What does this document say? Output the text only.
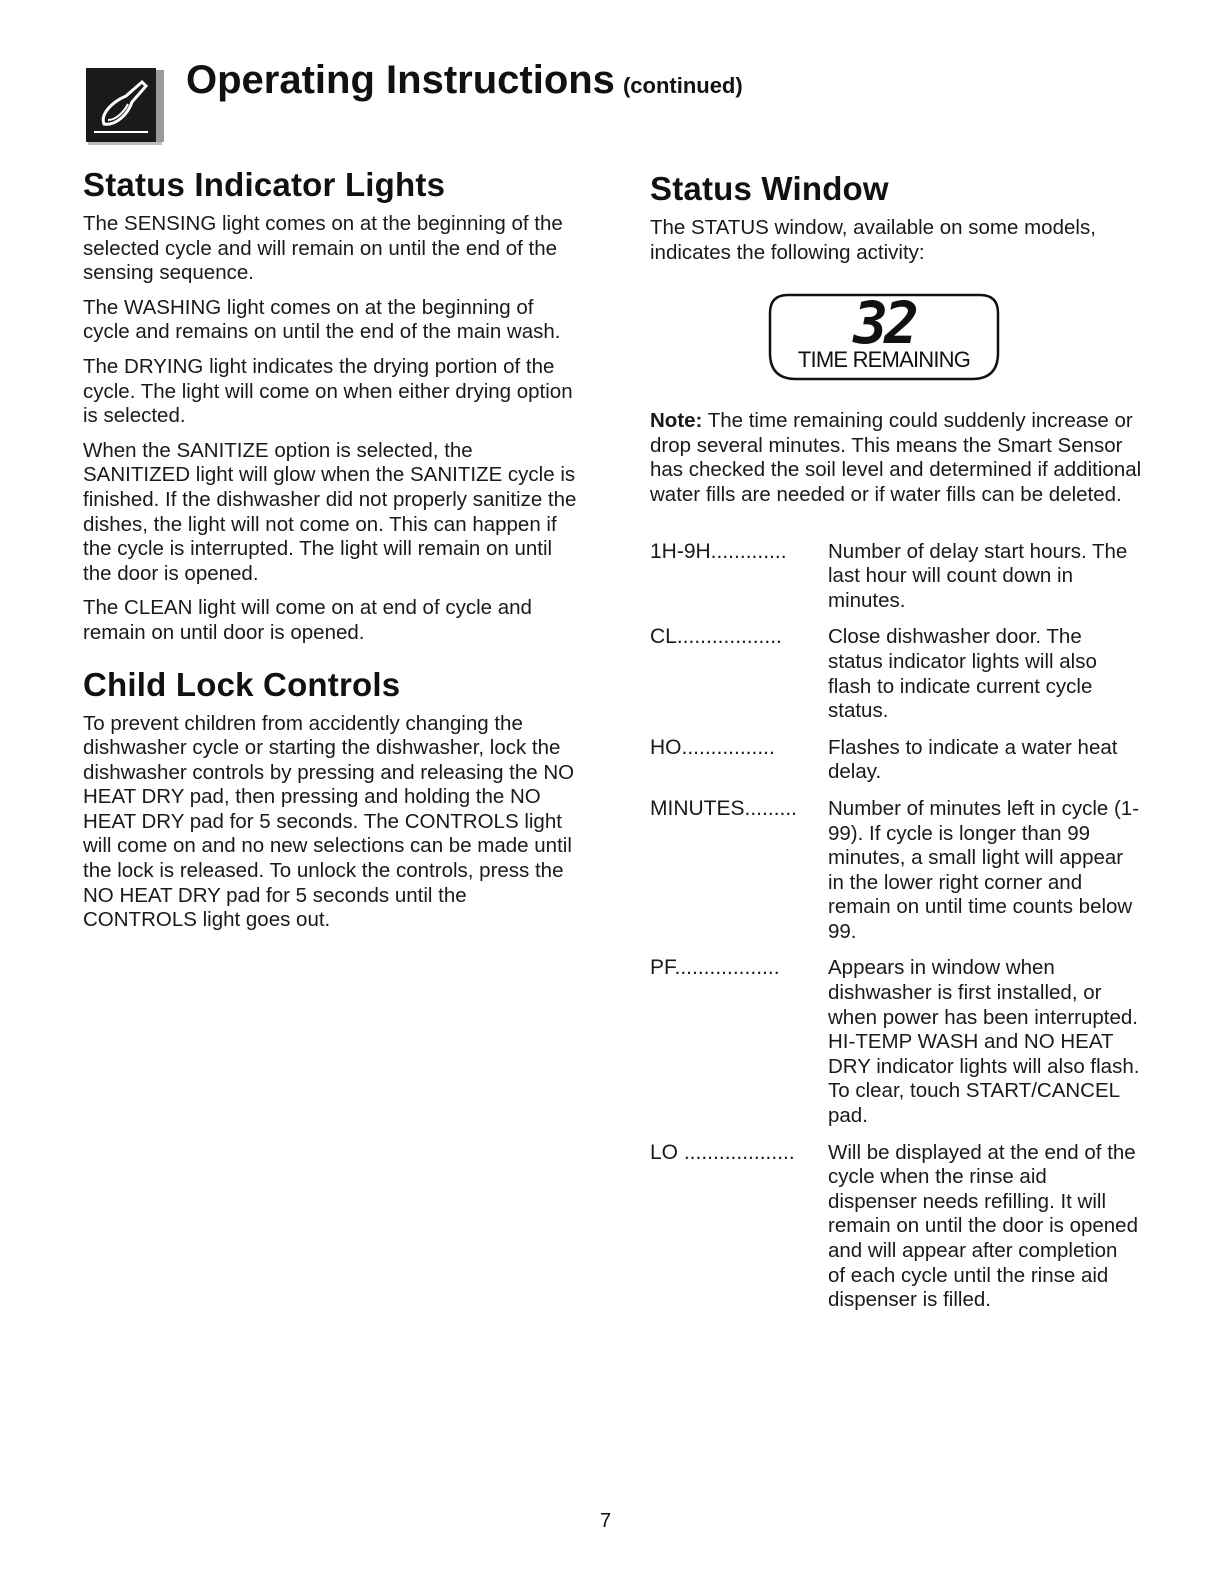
Operating Instructions (continued)
Status Indicator Lights

The SENSING light comes on at the beginning of the selected cycle and will remain on until the end of the sensing sequence.

The WASHING light comes on at the beginning of cycle and remains on until the end of the main wash.

The DRYING light indicates the drying portion of the cycle. The light will come on when either drying option is selected.

When the SANITIZE option is selected, the SANITIZED light will glow when the SANITIZE cycle is finished. If the dishwasher did not properly sanitize the dishes, the light will not come on. This can happen if the cycle is interrupted. The light will remain on until the door is opened.

The CLEAN light will come on at end of cycle and remain on until door is opened.

Child Lock Controls

To prevent children from accidently changing the dishwasher cycle or starting the dishwasher, lock the dishwasher controls by pressing and releasing the NO HEAT DRY pad, then pressing and holding the NO HEAT DRY pad for 5 seconds. The CONTROLS light will come on and no new selections can be made until the lock is released. To unlock the controls, press the NO HEAT DRY pad for 5 seconds until the CONTROLS light goes out.

Status Window

The STATUS window, available on some models, indicates the following activity:

32
TIME REMAINING

Note: The time remaining could suddenly increase or drop several minutes. This means the Smart Sensor has checked the soil level and determined if additional water fills are needed or if water fills can be deleted.

1H-9H.............	Number of delay start hours. The last hour will count down in minutes.
CL..................	Close dishwasher door. The status indicator lights will also flash to indicate current cycle status.
HO................	Flashes to indicate a water heat delay.
MINUTES.........	Number of minutes left in cycle (1-99). If cycle is longer than 99 minutes, a small light will appear in the lower right corner and remain on until time counts below 99.
PF..................	Appears in window when dishwasher is first installed, or when power has been interrupted. HI-TEMP WASH and NO HEAT DRY indicator lights will also flash. To clear, touch START/CANCEL pad.
LO ...................	Will be displayed at the end of the cycle when the rinse aid dispenser needs refilling. It will remain on until the door is opened and will appear after completion of each cycle until the rinse aid dispenser is filled.
7
